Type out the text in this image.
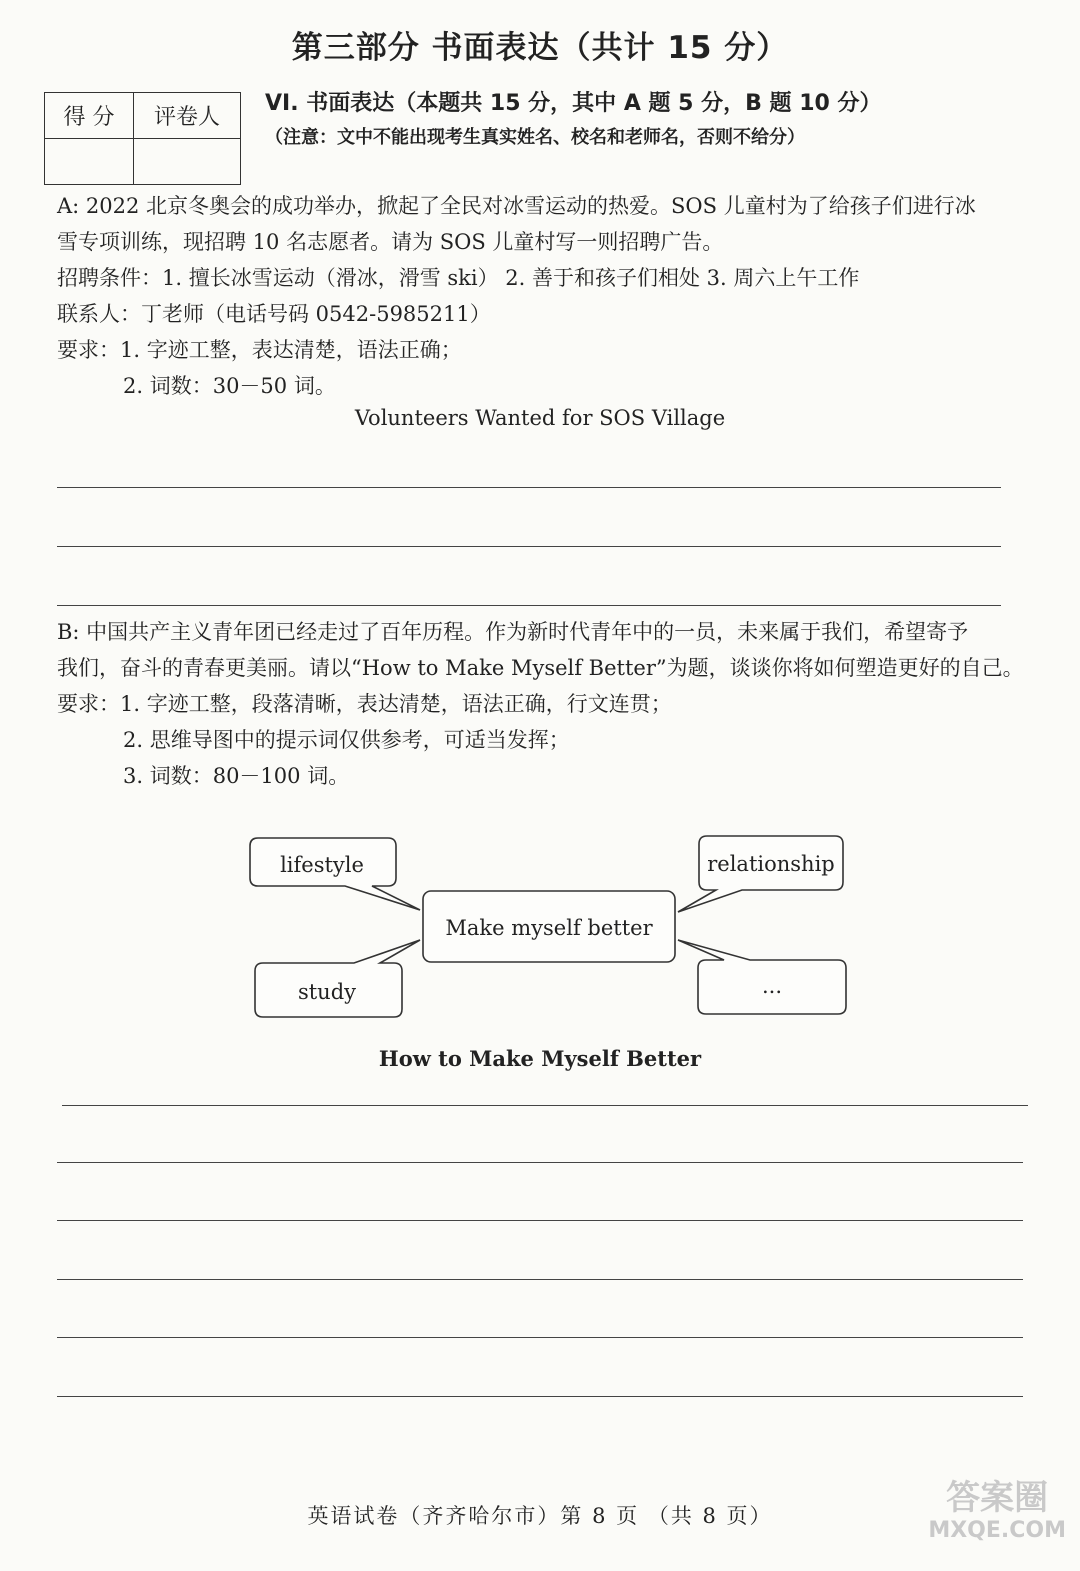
第三部分 书面表达（共计 15 分）
得 分	评卷人

VI. 书面表达（本题共 15 分，其中 A 题 5 分，B 题 10 分）
（注意：文中不能出现考生真实姓名、校名和老师名，否则不给分）
A: 2022 北京冬奥会的成功举办，掀起了全民对冰雪运动的热爱。SOS 儿童村为了给孩子们进行冰
雪专项训练，现招聘 10 名志愿者。请为 SOS 儿童村写一则招聘广告。
招聘条件：1. 擅长冰雪运动（滑冰，滑雪 ski） 2. 善于和孩子们相处 3. 周六上午工作
联系人：丁老师（电话号码 0542-5985211）
要求：1. 字迹工整，表达清楚，语法正确；
2. 词数：30－50 词。
Volunteers Wanted for SOS Village
B: 中国共产主义青年团已经走过了百年历程。作为新时代青年中的一员，未来属于我们，希望寄予
我们，奋斗的青春更美丽。请以“How to Make Myself Better”为题，谈谈你将如何塑造更好的自己。
要求：1. 字迹工整，段落清晰，表达清楚，语法正确，行文连贯；
2. 思维导图中的提示词仅供参考，可适当发挥；
3. 词数：80－100 词。
Make myself better
lifestyle	relationship
study	...
How to Make Myself Better
英语试卷（齐齐哈尔市）第 8 页 （共 8 页）	答案圈
MXQE.COM
